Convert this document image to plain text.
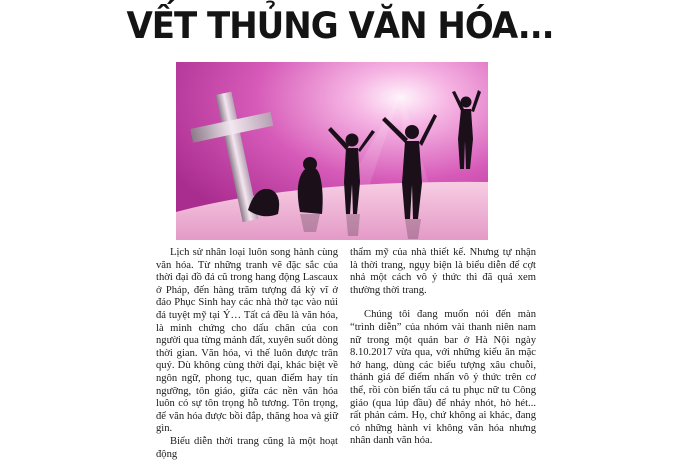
VẾT THỦNG VĂN HÓA...

Lịch sử nhân loại luôn song hành cùng văn hóa. Từ những tranh vẽ đặc sắc của thời đại đồ đá cũ trong hang động Lascaux ở Pháp, đến hàng trăm tượng đá kỳ vĩ ở đảo Phục Sinh hay các nhà thờ tạc vào núi đá tuyệt mỹ tại Ý… Tất cả đều là văn hóa, là minh chứng cho dấu chân của con người qua từng mảnh đất, xuyên suốt dòng thời gian. Văn hóa, vì thế luôn được trân quý. Dù không cùng thời đại, khác biệt về ngôn ngữ, phong tục, quan điểm hay tín ngưỡng, tôn giáo, giữa các nền văn hóa luôn có sự tôn trọng hỗ tương. Tôn trọng, để văn hóa được bồi đắp, thăng hoa và giữ gìn.

Biểu diễn thời trang cũng là một hoạt động

thẩm mỹ của nhà thiết kế. Nhưng tự nhận là thời trang, ngụy biện là biểu diễn để cợt nhả một cách vô ý thức thì đã quá xem thường thời trang.

Chúng tôi đang muốn nói đến màn “trình diễn” của nhóm vài thanh niên nam nữ trong một quán bar ở Hà Nội ngày 8.10.2017 vừa qua, với những kiểu ăn mặc hở hang, dùng các biểu tượng xâu chuỗi, thánh giá để điểm nhấn vô ý thức trên cơ thể, rồi còn biến tấu cả tu phục nữ tu Công giáo (qua lúp đầu) để nhảy nhót, hò hét... rất phản cảm. Họ, chứ không ai khác, đang có những hành vi không văn hóa nhưng nhân danh văn hóa.
